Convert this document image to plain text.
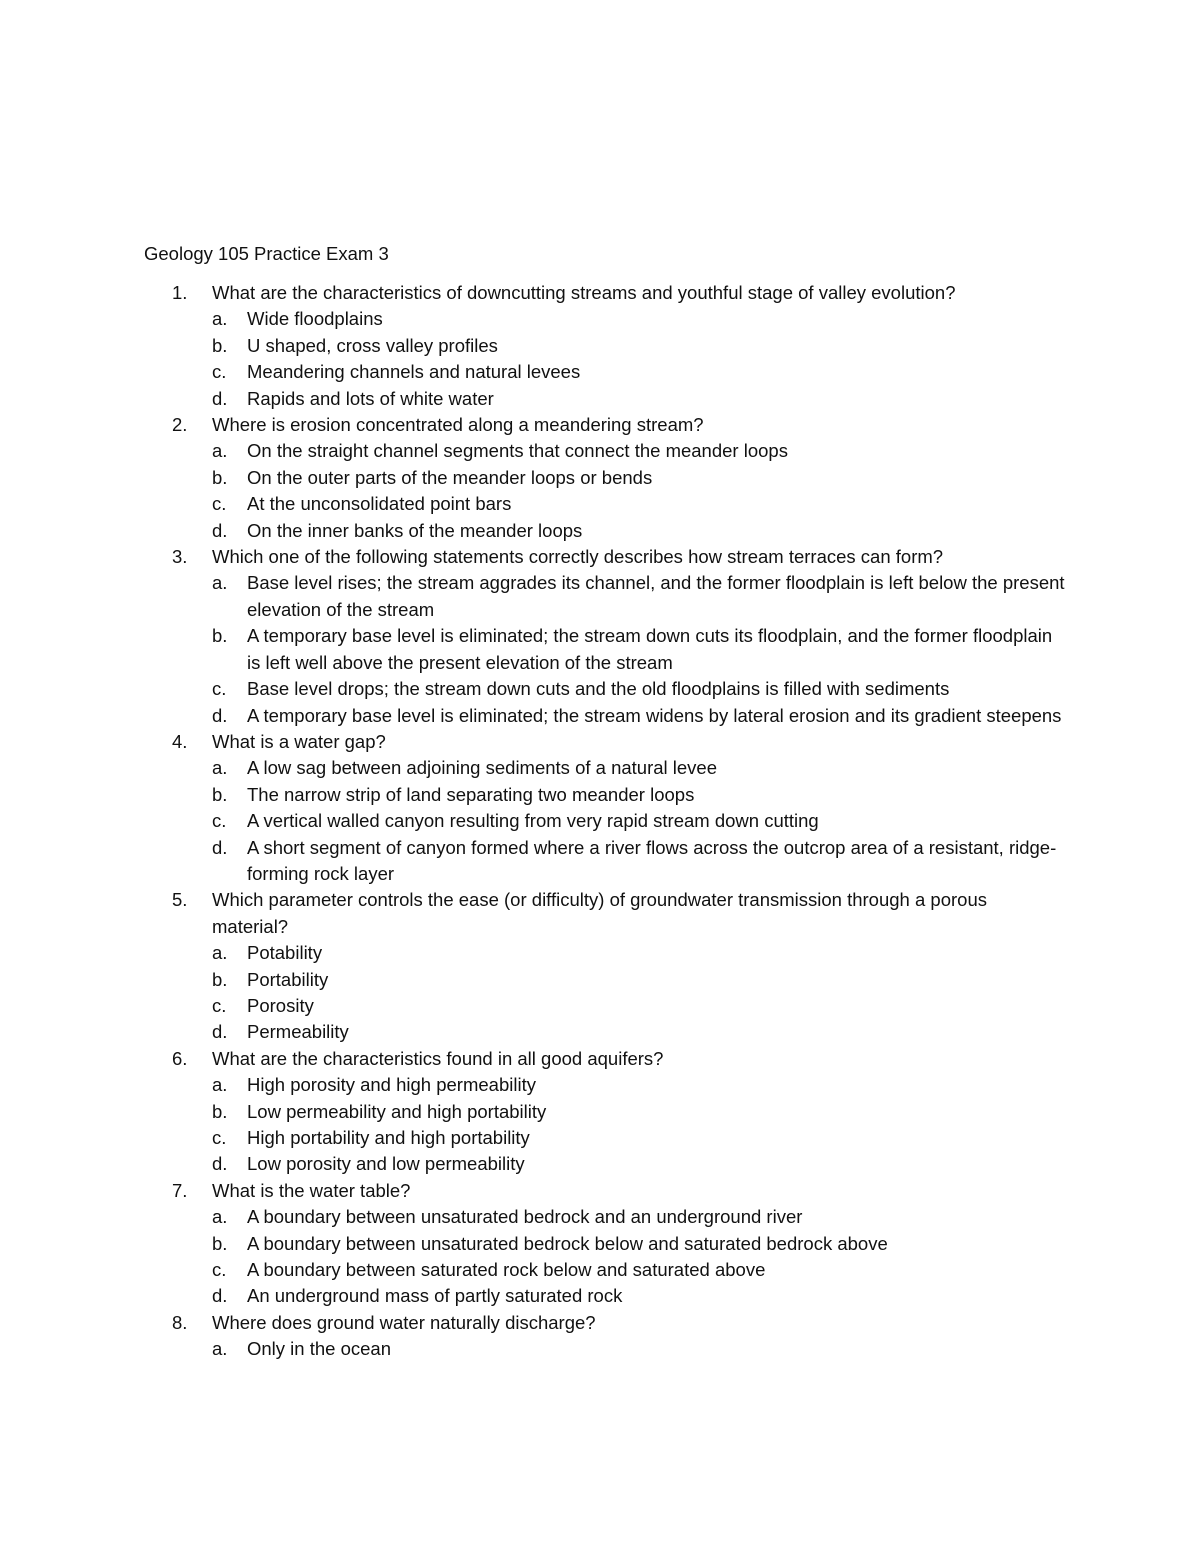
Geology 105 Practice Exam 3
1. What are the characteristics of downcutting streams and youthful stage of valley evolution?
a. Wide floodplains
b. U shaped, cross valley profiles
c. Meandering channels and natural levees
d. Rapids and lots of white water
2. Where is erosion concentrated along a meandering stream?
a. On the straight channel segments that connect the meander loops
b. On the outer parts of the meander loops or bends
c. At the unconsolidated point bars
d. On the inner banks of the meander loops
3. Which one of the following statements correctly describes how stream terraces can form?
a. Base level rises; the stream aggrades its channel, and the former floodplain is left below the present elevation of the stream
b. A temporary base level is eliminated; the stream down cuts its floodplain, and the former floodplain is left well above the present elevation of the stream
c. Base level drops; the stream down cuts and the old floodplains is filled with sediments
d. A temporary base level is eliminated; the stream widens by lateral erosion and its gradient steepens
4. What is a water gap?
a. A low sag between adjoining sediments of a natural levee
b. The narrow strip of land separating two meander loops
c. A vertical walled canyon resulting from very rapid stream down cutting
d. A short segment of canyon formed where a river flows across the outcrop area of a resistant, ridge-forming rock layer
5. Which parameter controls the ease (or difficulty) of groundwater transmission through a porous material?
a. Potability
b. Portability
c. Porosity
d. Permeability
6. What are the characteristics found in all good aquifers?
a. High porosity and high permeability
b. Low permeability and high portability
c. High portability and high portability
d. Low porosity and low permeability
7. What is the water table?
a. A boundary between unsaturated bedrock and an underground river
b. A boundary between unsaturated bedrock below and saturated bedrock above
c. A boundary between saturated rock below and saturated above
d. An underground mass of partly saturated rock
8. Where does ground water naturally discharge?
a. Only in the ocean
